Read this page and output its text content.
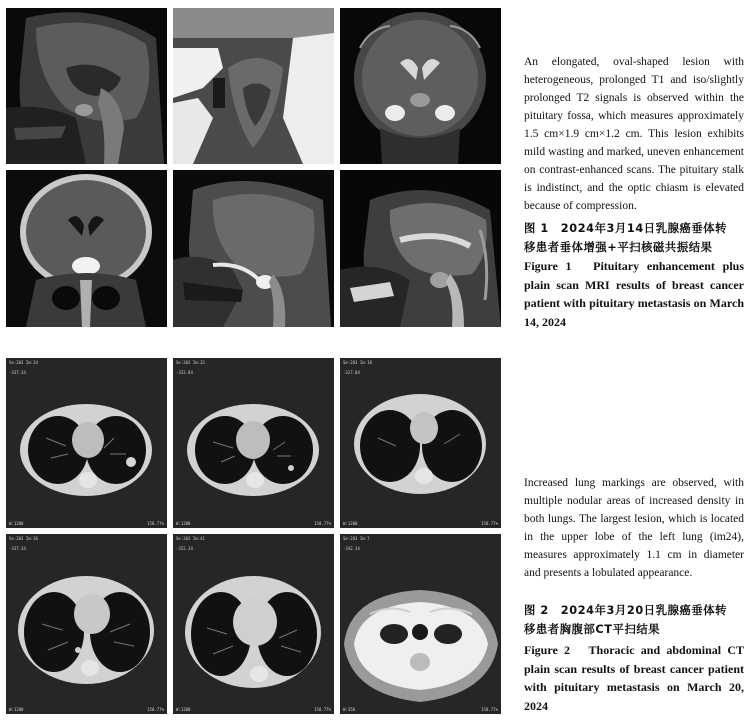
An elongated, oval-shaped lesion with heterogeneous, prolonged T1 and iso/slightly prolonged T2 signals is observed within the pituitary fossa, which measures approximately 1.5 cm×1.9 cm×1.2 cm. This lesion exhibits mild wasting and marked, uneven enhancement on contrast-enhanced scans. The pituitary stalk is indistinct, and the optic chiasm is elevated because of compression.

图 1　2024年3月14日乳腺癌垂体转
移患者垂体增强+平扫核磁共振结果

Figure 1　Pituitary enhancement plus plain scan MRI results of breast cancer patient with pituitary metastasis on March 14, 2024

Se:203 Im:24
-337.34
W:1200	158.77%
Se:203 Im:32
-322.84
W:1200	158.77%
Se:203 Im:18
-327.84
W:1200	158.77%
Se:203 Im:36
-337.34
W:1200	158.77%
Se:203 Im:41
-352.34
W:1200	158.77%
Se:203 Im:7
-342.34
W:350	158.77%

Increased lung markings are observed, with multiple nodular areas of increased density in both lungs. The largest lesion, which is located in the upper lobe of the left lung (im24), measures approximately 1.1 cm in diameter and presents a lobulated appearance.

图 2　2024年3月20日乳腺癌垂体转
移患者胸腹部CT平扫结果

Figure 2　Thoracic and abdominal CT plain scan results of breast cancer patient with pituitary metastasis on March 20, 2024
